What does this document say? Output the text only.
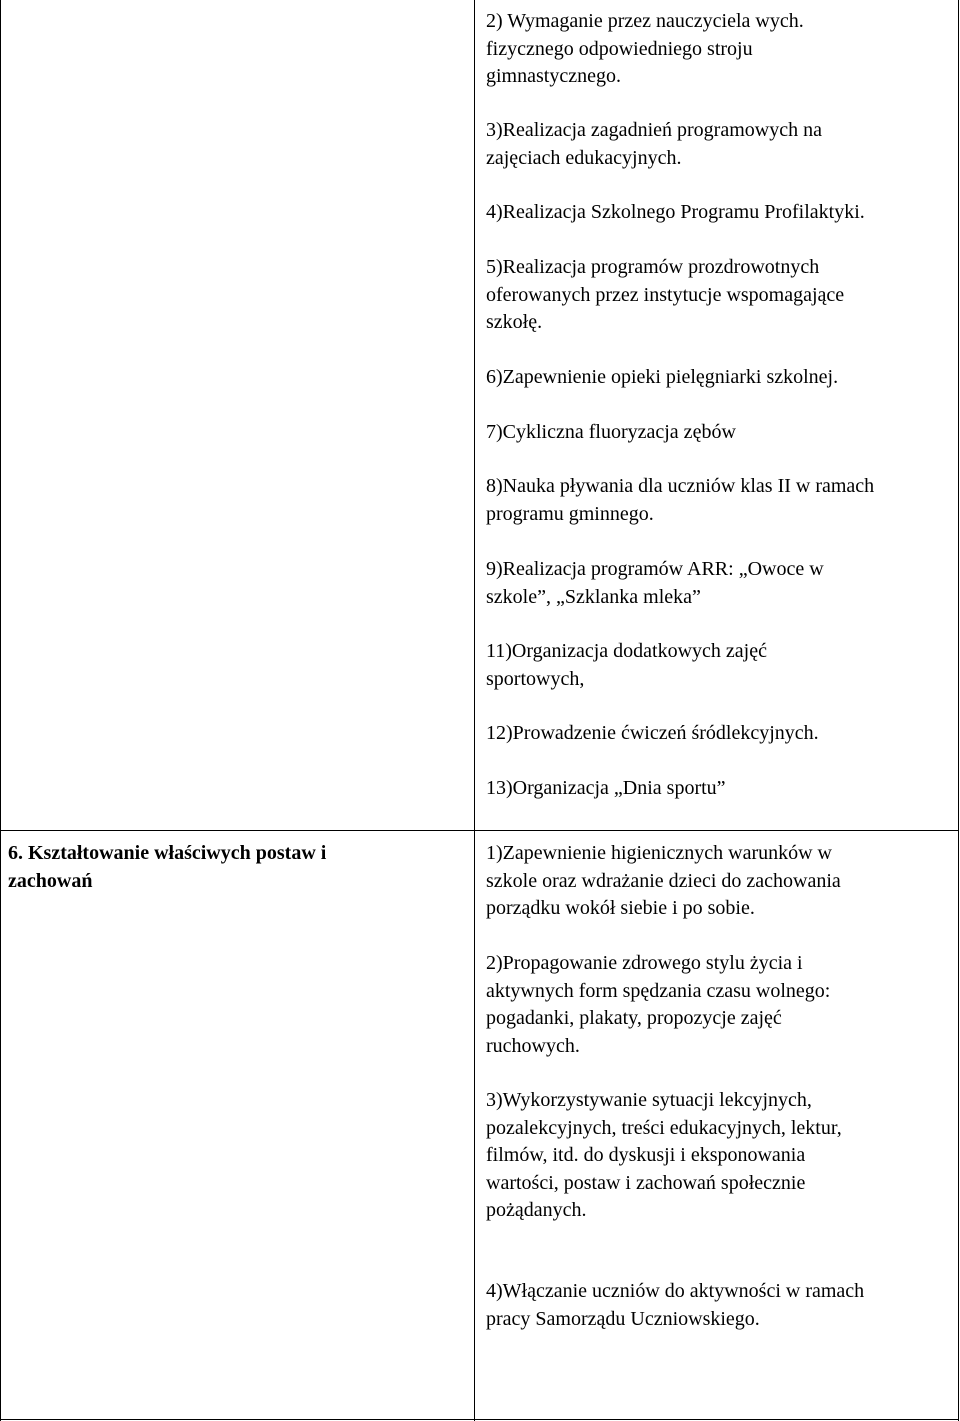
2) Wymaganie przez nauczyciela wych.
fizycznego odpowiedniego stroju
gimnastycznego.
3)Realizacja zagadnień programowych na
zajęciach edukacyjnych.
4)Realizacja Szkolnego Programu Profilaktyki.
5)Realizacja programów prozdrowotnych
oferowanych przez instytucje wspomagające
szkołę.
6)Zapewnienie opieki pielęgniarki szkolnej.
7)Cykliczna fluoryzacja zębów
8)Nauka pływania dla uczniów klas II w ramach
programu gminnego.
9)Realizacja programów ARR: „Owoce w
szkole”, „Szklanka mleka”
11)Organizacja dodatkowych zajęć
sportowych,
12)Prowadzenie ćwiczeń śródlekcyjnych.
13)Organizacja „Dnia sportu”
6. Kształtowanie właściwych postaw i zachowań
1)Zapewnienie higienicznych warunków w
szkole oraz wdrażanie dzieci do zachowania
porządku wokół siebie i po sobie.
2)Propagowanie zdrowego stylu życia i
aktywnych form spędzania czasu wolnego:
pogadanki, plakaty, propozycje zajęć
ruchowych.
3)Wykorzystywanie sytuacji lekcyjnych,
pozalekcyjnych, treści edukacyjnych, lektur,
filmów, itd. do dyskusji i eksponowania
wartości, postaw i zachowań społecznie
pożądanych.
4)Włączanie uczniów do aktywności w ramach
pracy Samorządu Uczniowskiego.
